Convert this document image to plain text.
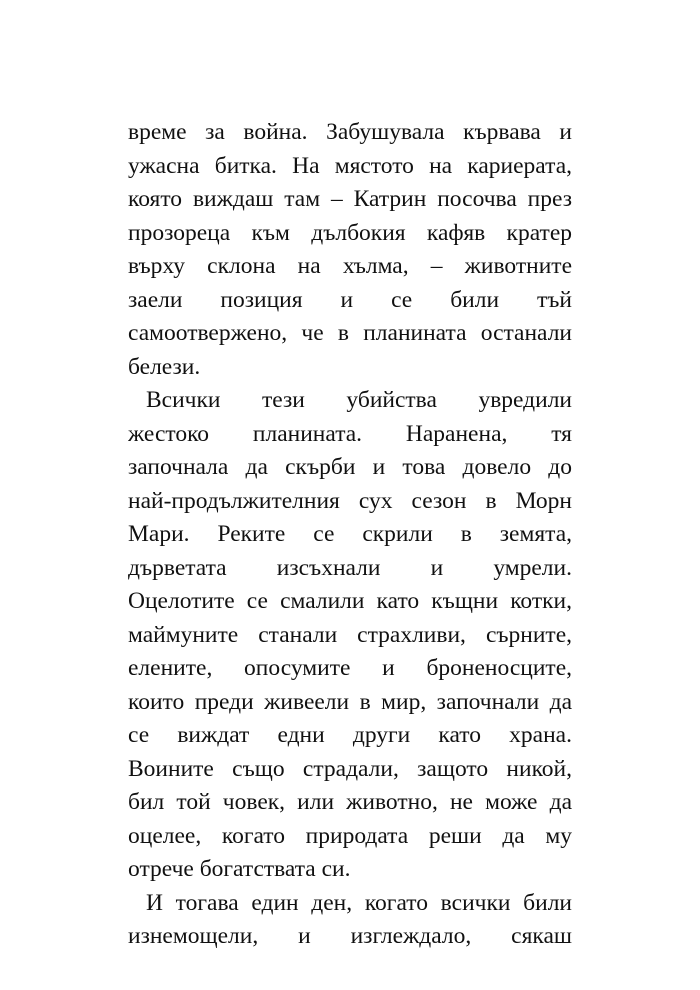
време за война. Забушувала кървава и
ужасна битка. На мястото на кариерата,
която виждаш там – Катрин посочва през
прозореца към дълбокия кафяв кратер
върху склона на хълма, – животните
заели позиция и се били тъй
самоотвержено, че в планината останали
белези.
Всички тези убийства увредили
жестоко планината. Наранена, тя
започнала да скърби и това довело до
най-продължителния сух сезон в Морн
Мари. Реките се скрили в земята,
дърветата изсъхнали и умрели.
Оцелотите се смалили като къщни котки,
маймуните станали страхливи, сърните,
елените, опосумите и броненосците,
които преди живеели в мир, започнали да
се виждат едни други като храна.
Воините също страдали, защото никой,
бил той човек, или животно, не може да
оцелее, когато природата реши да му
отрече богатствата си.
И тогава един ден, когато всички били
изнемощели, и изглеждало, сякаш
